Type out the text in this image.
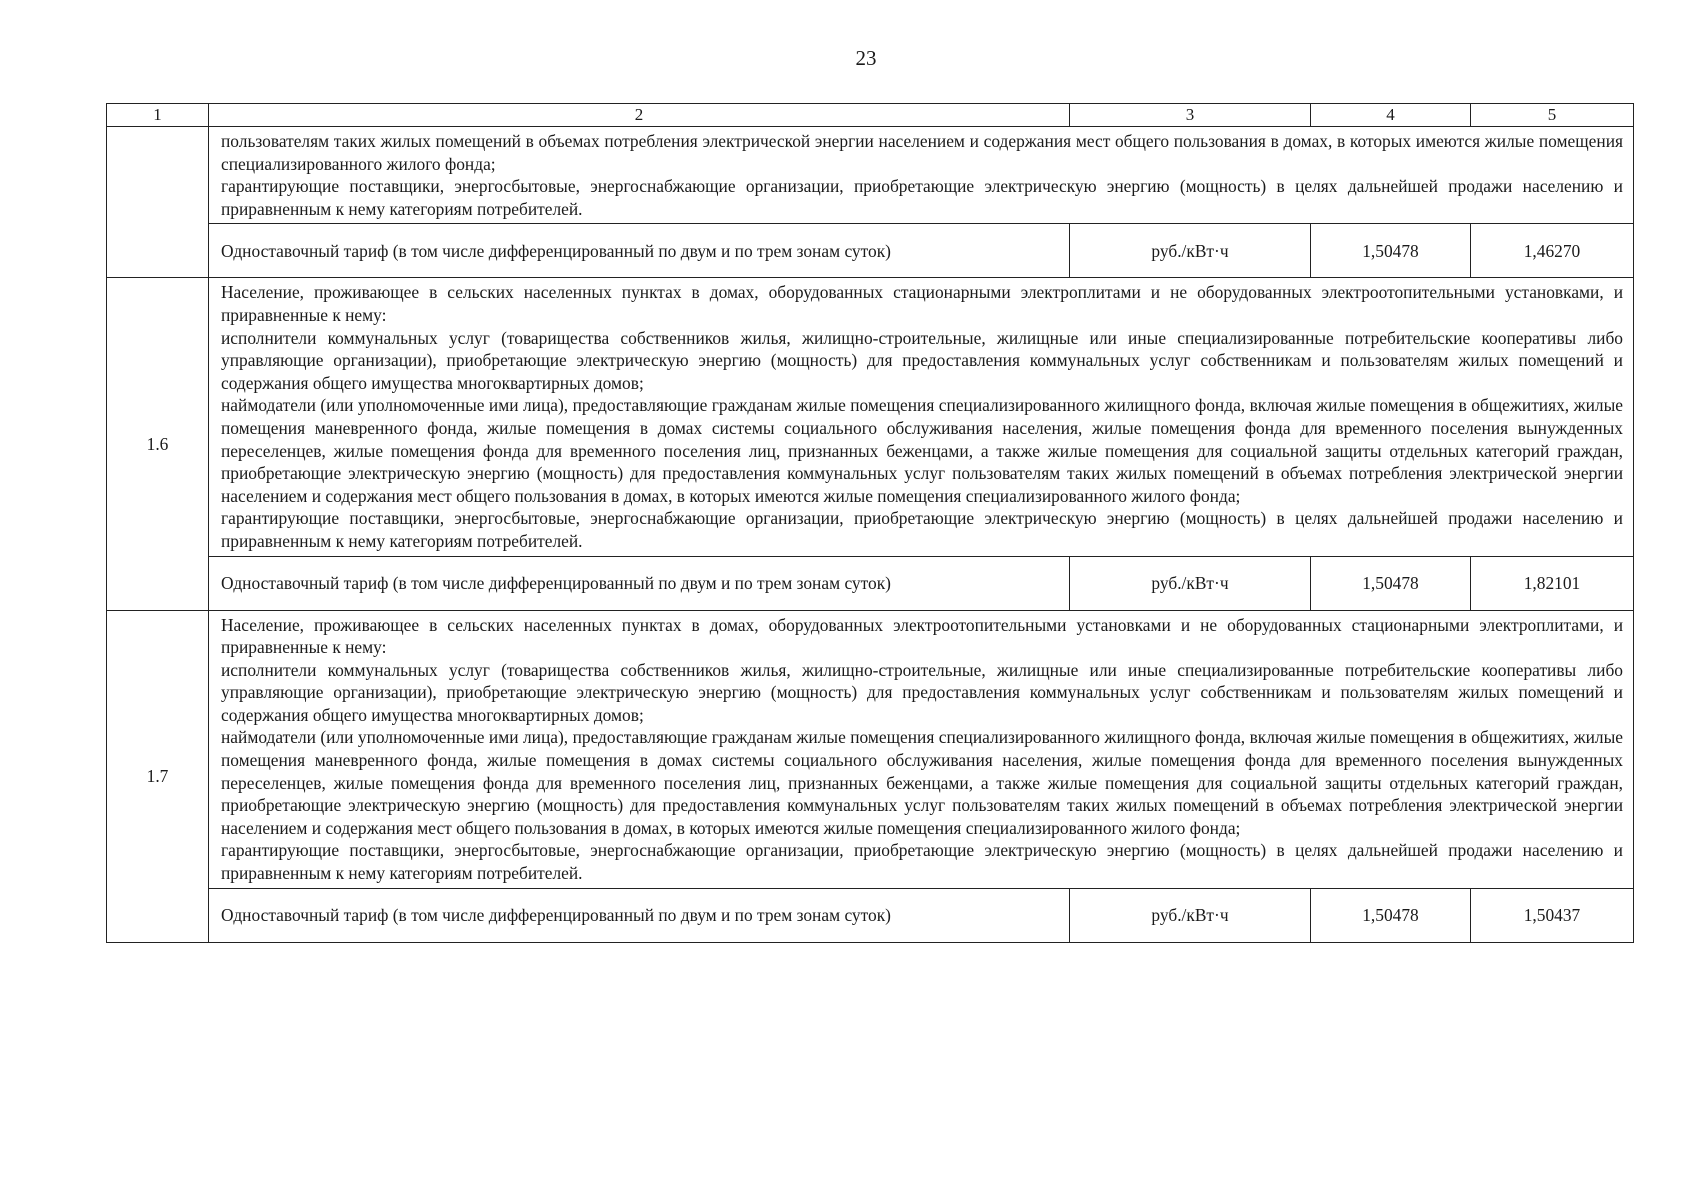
23
1	2	3	4	5

	пользователям таких жилых помещений в объемах потребления электрической энергии населением и содержания мест общего пользования в домах, в которых имеются жилые помещения специализированного жилого фонда;
гарантирующие поставщики, энергосбытовые, энергоснабжающие организации, приобретающие электрическую энергию (мощность) в целях дальнейшей продажи населению и приравненным к нему категориям потребителей.			

	Одноставочный тариф (в том числе дифференцированный по двум и по трем зонам суток)	руб./кВт·ч	1,50478	1,46270
1.6	Население, проживающее в сельских населенных пунктах в домах, оборудованных стационарными электроплитами и не оборудованных электроотопительными установками, и приравненные к нему:
исполнители коммунальных услуг (товарищества собственников жилья, жилищно-строительные, жилищные или иные специализированные потребительские кооперативы либо управляющие организации), приобретающие электрическую энергию (мощность) для предоставления коммунальных услуг собственникам и пользователям жилых помещений и содержания общего имущества многоквартирных домов;
наймодатели (или уполномоченные ими лица), предоставляющие гражданам жилые помещения специализированного жилищного фонда, включая жилые помещения в общежитиях, жилые помещения маневренного фонда, жилые помещения в домах системы социального обслуживания населения, жилые помещения фонда для временного поселения вынужденных переселенцев, жилые помещения фонда для временного поселения лиц, признанных беженцами, а также жилые помещения для социальной защиты отдельных категорий граждан, приобретающие электрическую энергию (мощность) для предоставления коммунальных услуг пользователям таких жилых помещений в объемах потребления электрической энергии населением и содержания мест общего пользования в домах, в которых имеются жилые помещения специализированного жилого фонда;
гарантирующие поставщики, энергосбытовые, энергоснабжающие организации, приобретающие электрическую энергию (мощность) в целях дальнейшей продажи населению и приравненным к нему категориям потребителей.			

	Одноставочный тариф (в том числе дифференцированный по двум и по трем зонам суток)	руб./кВт·ч	1,50478	1,82101
1.7	Население, проживающее в сельских населенных пунктах в домах, оборудованных электроотопительными установками и не оборудованных стационарными электроплитами, и приравненные к нему:
исполнители коммунальных услуг (товарищества собственников жилья, жилищно-строительные, жилищные или иные специализированные потребительские кооперативы либо управляющие организации), приобретающие электрическую энергию (мощность) для предоставления коммунальных услуг собственникам и пользователям жилых помещений и содержания общего имущества многоквартирных домов;
наймодатели (или уполномоченные ими лица), предоставляющие гражданам жилые помещения специализированного жилищного фонда, включая жилые помещения в общежитиях, жилые помещения маневренного фонда, жилые помещения в домах системы социального обслуживания населения, жилые помещения фонда для временного поселения вынужденных переселенцев, жилые помещения фонда для временного поселения лиц, признанных беженцами, а также жилые помещения для социальной защиты отдельных категорий граждан, приобретающие электрическую энергию (мощность) для предоставления коммунальных услуг пользователям таких жилых помещений в объемах потребления электрической энергии населением и содержания мест общего пользования в домах, в которых имеются жилые помещения специализированного жилого фонда;
гарантирующие поставщики, энергосбытовые, энергоснабжающие организации, приобретающие электрическую энергию (мощность) в целях дальнейшей продажи населению и приравненным к нему категориям потребителей.			

	Одноставочный тариф (в том числе дифференцированный по двум и по трем зонам суток)	руб./кВт·ч	1,50478	1,50437
